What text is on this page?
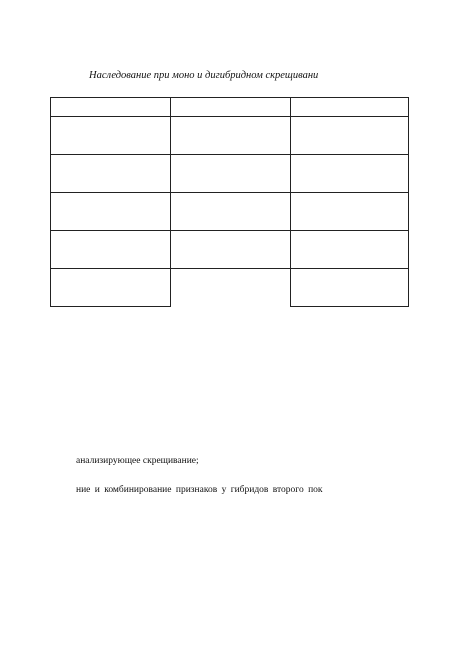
Наследование при моно и дигибридном скрещивани
анализирующее скрещивание;
ние и комбинирование признаков у гибридов второго пок
